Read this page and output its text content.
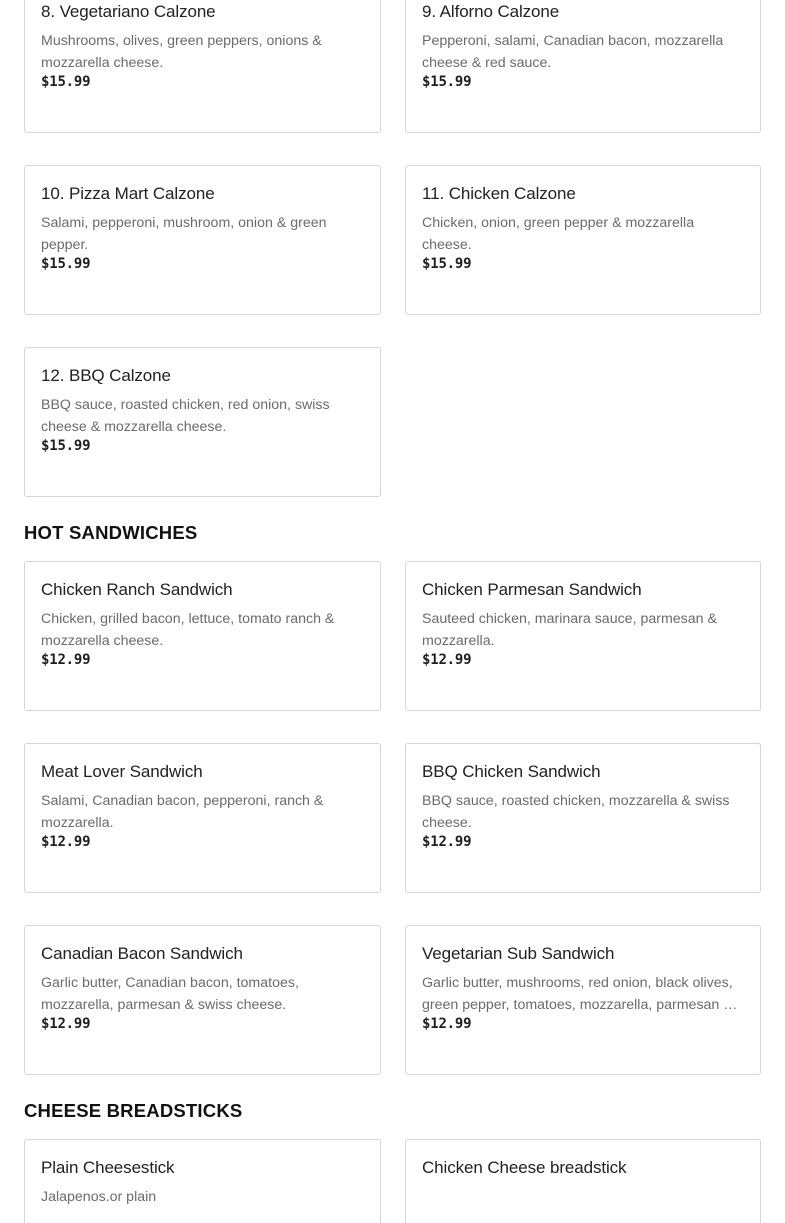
8. Vegetariano Calzone
Mushrooms, olives, green peppers, onions & mozzarella cheese.
$15.99
9. Alforno Calzone
Pepperoni, salami, Canadian bacon, mozzarella cheese & red sauce.
$15.99
10. Pizza Mart Calzone
Salami, pepperoni, mushroom, onion & green pepper.
$15.99
11. Chicken Calzone
Chicken, onion, green pepper & mozzarella cheese.
$15.99
12. BBQ Calzone
BBQ sauce, roasted chicken, red onion, swiss cheese & mozzarella cheese.
$15.99
HOT SANDWICHES
Chicken Ranch Sandwich
Chicken, grilled bacon, lettuce, tomato ranch & mozzarella cheese.
$12.99
Chicken Parmesan Sandwich
Sauteed chicken, marinara sauce, parmesan & mozzarella.
$12.99
Meat Lover Sandwich
Salami, Canadian bacon, pepperoni, ranch & mozzarella.
$12.99
BBQ Chicken Sandwich
BBQ sauce, roasted chicken, mozzarella & swiss cheese.
$12.99
Canadian Bacon Sandwich
Garlic butter, Canadian bacon, tomatoes, mozzarella, parmesan & swiss cheese.
$12.99
Vegetarian Sub Sandwich
Garlic butter, mushrooms, red onion, black olives, green pepper, tomatoes, mozzarella, parmesan &
$12.99
CHEESE BREADSTICKS
Plain Cheesestick
Jalapenos.or plain
Chicken Cheese breadstick
